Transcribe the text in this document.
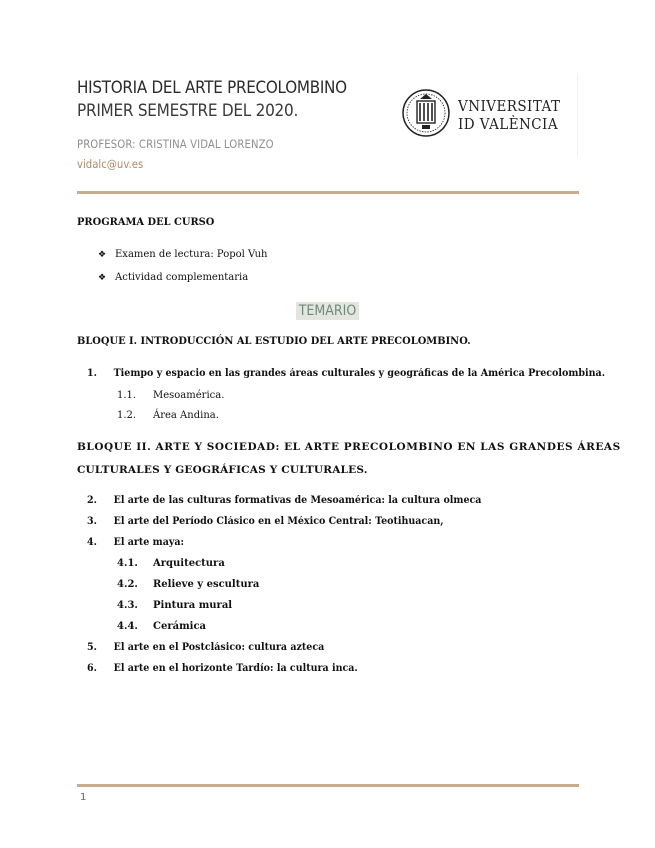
HISTORIA DEL ARTE PRECOLOMBINO
PRIMER SEMESTRE DEL 2020.
PROFESOR: CRISTINA VIDAL LORENZO
vidalc@uv.es
VNIVERSITAT
ID VALÈNCIA
PROGRAMA DEL CURSO
❖ Examen de lectura: Popol Vuh
❖ Actividad complementaria
TEMARIO
BLOQUE I. INTRODUCCIÓN AL ESTUDIO DEL ARTE PRECOLOMBINO.
1. Tiempo y espacio en las grandes áreas culturales y geográficas de la América Precolombina.
1.1. Mesoamérica.
1.2. Área Andina.
BLOQUE II. ARTE Y SOCIEDAD: EL ARTE PRECOLOMBINO EN LAS GRANDES ÁREAS
CULTURALES Y GEOGRÁFICAS Y CULTURALES.
2. El arte de las culturas formativas de Mesoamérica: la cultura olmeca
3. El arte del Período Clásico en el México Central: Teotihuacan,
4. El arte maya:
4.1. Arquitectura
4.2. Relieve y escultura
4.3. Pintura mural
4.4. Cerámica
5. El arte en el Postclásico: cultura azteca
6. El arte en el horizonte Tardío: la cultura inca.
1
